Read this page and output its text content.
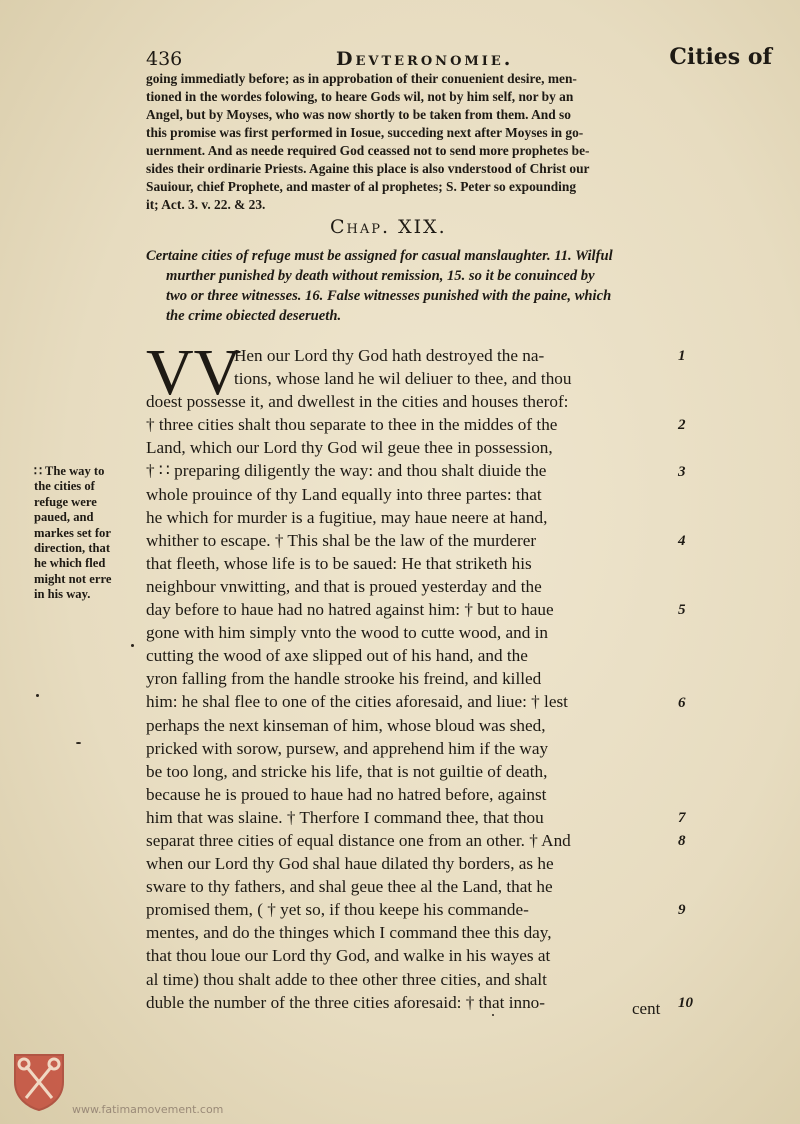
436	Devteronomie.	Cities of
going immediatly before; as in approbation of their conuenient desire, men-
tioned in the wordes folowing, to heare Gods wil, not by him self, nor by an
Angel, but by Moyses, who was now shortly to be taken from them. And so
this promise was first performed in Iosue, succeding next after Moyses in go-
uernment. And as neede required God ceassed not to send more prophetes be-
sides their ordinarie Priests. Againe this place is also vnderstood of Christ our
Sauiour, chief Prophete, and master of al prophetes; S. Peter so expounding
it; Act. 3. v. 22. & 23.
Chap. XIX.
Certaine cities of refuge must be assigned for casual manslaughter. 11. Wilful
murther punished by death without remission, 15. so it be conuinced by
two or three witnesses. 16. False witnesses punished with the paine, which
the crime obiected deserueth.
VV
Hen our Lord thy God hath destroyed the na-
tions, whose land he wil deliuer to thee, and thou
doest possesse it, and dwellest in the cities and houses therof:
† three cities shalt thou separate to thee in the middes of the
Land, which our Lord thy God wil geue thee in possession,
† ∷ preparing diligently the way: and thou shalt diuide the
whole prouince of thy Land equally into three partes: that
he which for murder is a fugitiue, may haue neere at hand,
whither to escape. † This shal be the law of the murderer
that fleeth, whose life is to be saued: He that striketh his
neighbour vnwitting, and that is proued yesterday and the
day before to haue had no hatred against him: † but to haue
gone with him simply vnto the wood to cutte wood, and in
cutting the wood of axe slipped out of his hand, and the
yron falling from the handle strooke his freind, and killed
him: he shal flee to one of the cities aforesaid, and liue: † lest
perhaps the next kinseman of him, whose bloud was shed,
pricked with sorow, pursew, and apprehend him if the way
be too long, and stricke his life, that is not guiltie of death,
because he is proued to haue had no hatred before, against
him that was slaine. † Therfore I command thee, that thou
separat three cities of equal distance one from an other. † And
when our Lord thy God shal haue dilated thy borders, as he
sware to thy fathers, and shal geue thee al the Land, that he
promised them, ( † yet so, if thou keepe his commande-
mentes, and do the thinges which I command thee this day,
that thou loue our Lord thy God, and walke in his wayes at
al time) thou shalt adde to thee other three cities, and shalt
duble the number of the three cities aforesaid: † that inno-
1
2
3
4
5
6
7
8
9
10
∷ The way to
the cities of
refuge were
paued, and
markes set for
direction, that
he which fled
might not erre
in his way.
cent
www.fatimamovement.com
